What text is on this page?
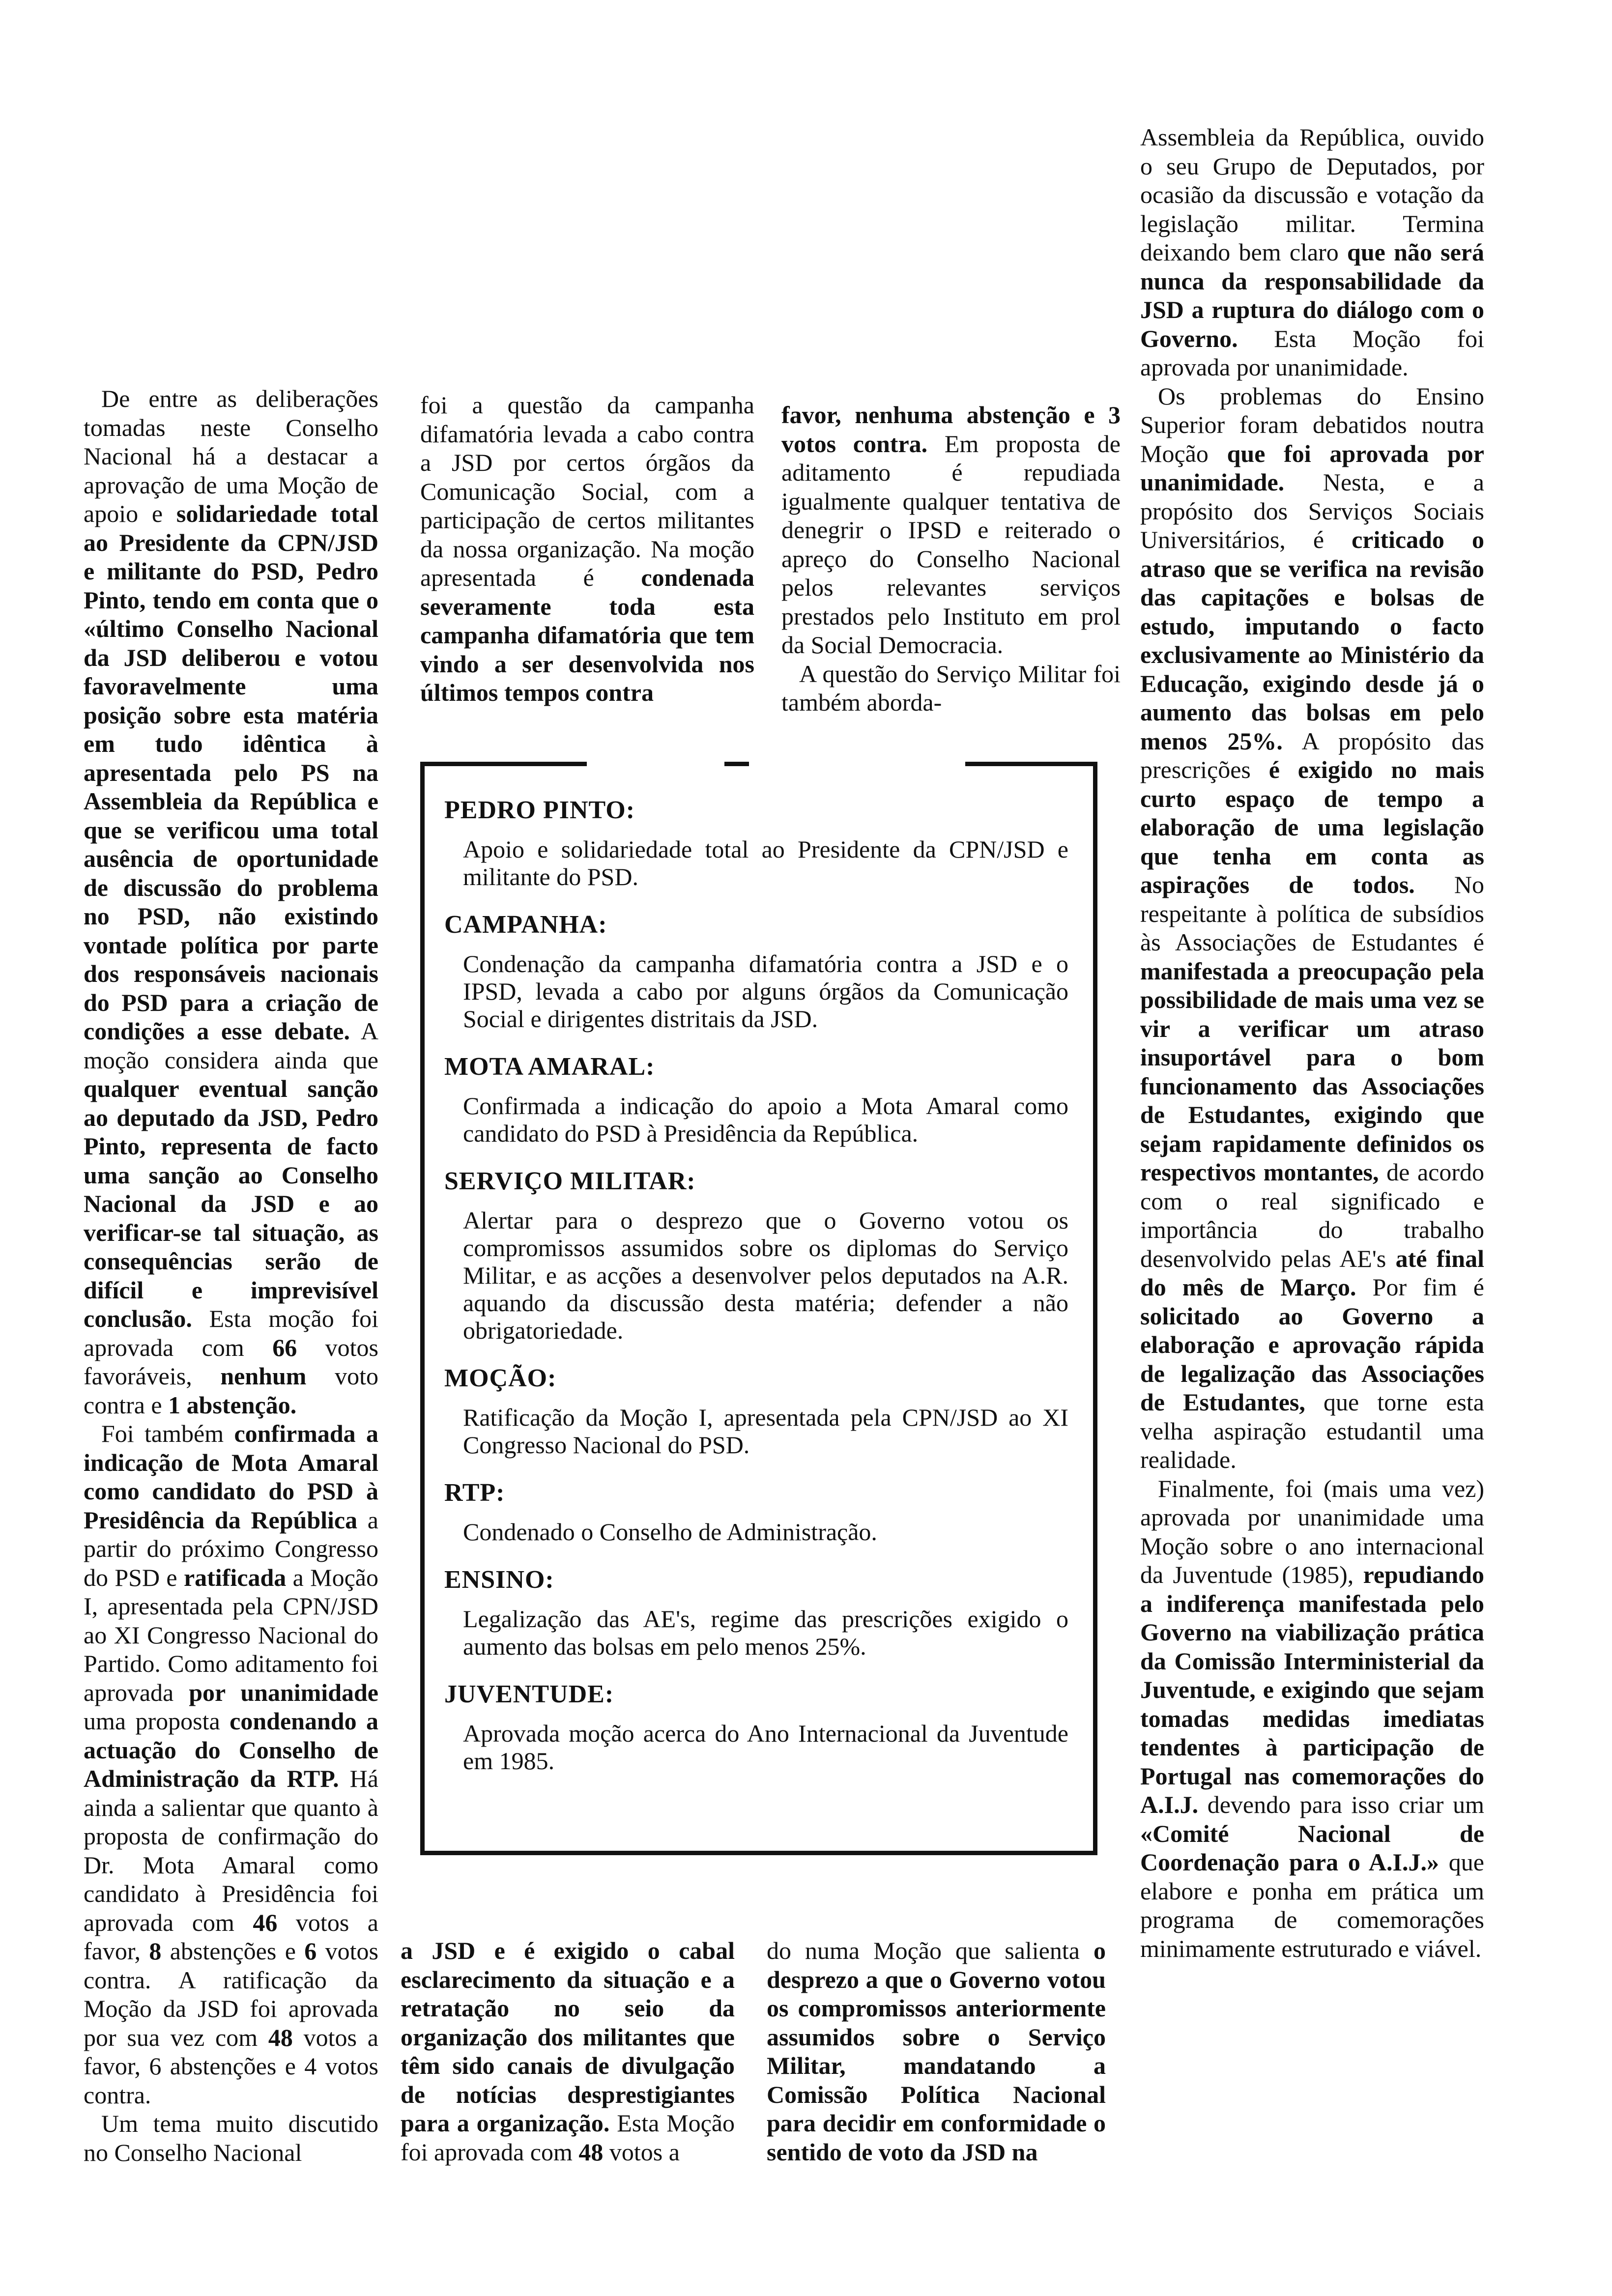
De entre as deliberações tomadas neste Conselho Nacional há a destacar a aprovação de uma Moção de apoio e solidariedade total ao Presidente da CPN/JSD e militante do PSD, Pedro Pinto, tendo em conta que o «último Conselho Nacional da JSD deliberou e votou favoravelmente uma posição sobre esta matéria em tudo idêntica à apresentada pelo PS na Assembleia da República e que se verificou uma total ausência de oportunidade de discussão do problema no PSD, não existindo vontade política por parte dos responsáveis nacionais do PSD para a criação de condições a esse debate. A moção considera ainda que qualquer eventual sanção ao deputado da JSD, Pedro Pinto, representa de facto uma sanção ao Conselho Nacional da JSD e ao verificar-se tal situação, as consequências serão de difícil e imprevisível conclusão. Esta moção foi aprovada com 66 votos favoráveis, nenhum voto contra e 1 abstenção.

Foi também confirmada a indicação de Mota Amaral como candidato do PSD à Presidência da República a partir do próximo Congresso do PSD e ratificada a Moção I, apresentada pela CPN/JSD ao XI Congresso Nacional do Partido. Como aditamento foi aprovada por unanimidade uma proposta condenando a actuação do Conselho de Administração da RTP. Há ainda a salientar que quanto à proposta de confirmação do Dr. Mota Amaral como candidato à Presidência foi aprovada com 46 votos a favor, 8 abstenções e 6 votos contra. A ratificação da Moção da JSD foi aprovada por sua vez com 48 votos a favor, 6 abstenções e 4 votos contra.

Um tema muito discutido no Conselho Nacional

foi a questão da campanha difamatória levada a cabo contra a JSD por certos órgãos da Comunicação Social, com a participação de certos militantes da nossa organização. Na moção apresentada é condenada severamente toda esta campanha difamatória que tem vindo a ser desenvolvida nos últimos tempos contra

favor, nenhuma abstenção e 3 votos contra. Em proposta de aditamento é repudiada igualmente qualquer tentativa de denegrir o IPSD e reiterado o apreço do Conselho Nacional pelos relevantes serviços prestados pelo Instituto em prol da Social Democracia.

A questão do Serviço Militar foi também aborda-

Assembleia da República, ouvido o seu Grupo de Deputados, por ocasião da discussão e votação da legislação militar. Termina deixando bem claro que não será nunca da responsabilidade da JSD a ruptura do diálogo com o Governo. Esta Moção foi aprovada por unanimidade.

Os problemas do Ensino Superior foram debatidos noutra Moção que foi aprovada por unanimidade. Nesta, e a propósito dos Serviços Sociais Universitários, é criticado o atraso que se verifica na revisão das capitações e bolsas de estudo, imputando o facto exclusivamente ao Ministério da Educação, exigindo desde já o aumento das bolsas em pelo menos 25%. A propósito das prescrições é exigido no mais curto espaço de tempo a elaboração de uma legislação que tenha em conta as aspirações de todos. No respeitante à política de subsídios às Associações de Estudantes é manifestada a preocupação pela possibilidade de mais uma vez se vir a verificar um atraso insuportável para o bom funcionamento das Associações de Estudantes, exigindo que sejam rapidamente definidos os respectivos montantes, de acordo com o real significado e importância do trabalho desenvolvido pelas AE's até final do mês de Março. Por fim é solicitado ao Governo a elaboração e aprovação rápida de legalização das Associações de Estudantes, que torne esta velha aspiração estudantil uma realidade.

Finalmente, foi (mais uma vez) aprovada por unanimidade uma Moção sobre o ano internacional da Juventude (1985), repudiando a indiferença manifestada pelo Governo na viabilização prática da Comissão Interministerial da Juventude, e exigindo que sejam tomadas medidas imediatas tendentes à participação de Portugal nas comemorações do A.I.J. devendo para isso criar um «Comité Nacional de Coordenação para o A.I.J.» que elabore e ponha em prática um programa de comemorações minimamente estruturado e viável.

PEDRO PINTO:
Apoio e solidariedade total ao Presidente da CPN/JSD e militante do PSD.
CAMPANHA:
Condenação da campanha difamatória contra a JSD e o IPSD, levada a cabo por alguns órgãos da Comunicação Social e dirigentes distritais da JSD.
MOTA AMARAL:
Confirmada a indicação do apoio a Mota Amaral como candidato do PSD à Presidência da República.
SERVIÇO MILITAR:
Alertar para o desprezo que o Governo votou os compromissos assumidos sobre os diplomas do Serviço Militar, e as acções a desenvolver pelos deputados na A.R. aquando da discussão desta matéria; defender a não obrigatoriedade.
MOÇÃO:
Ratificação da Moção I, apresentada pela CPN/JSD ao XI Congresso Nacional do PSD.
RTP:
Condenado o Conselho de Administração.
ENSINO:
Legalização das AE's, regime das prescrições exigido o aumento das bolsas em pelo menos 25%.
JUVENTUDE:
Aprovada moção acerca do Ano Internacional da Juventude em 1985.

a JSD e é exigido o cabal esclarecimento da situação e a retratação no seio da organização dos militantes que têm sido canais de divulgação de notícias desprestigiantes para a organização. Esta Moção foi aprovada com 48 votos a

do numa Moção que salienta o desprezo a que o Governo votou os compromissos anteriormente assumidos sobre o Serviço Militar, mandatando a Comissão Política Nacional para decidir em conformidade o sentido de voto da JSD na
